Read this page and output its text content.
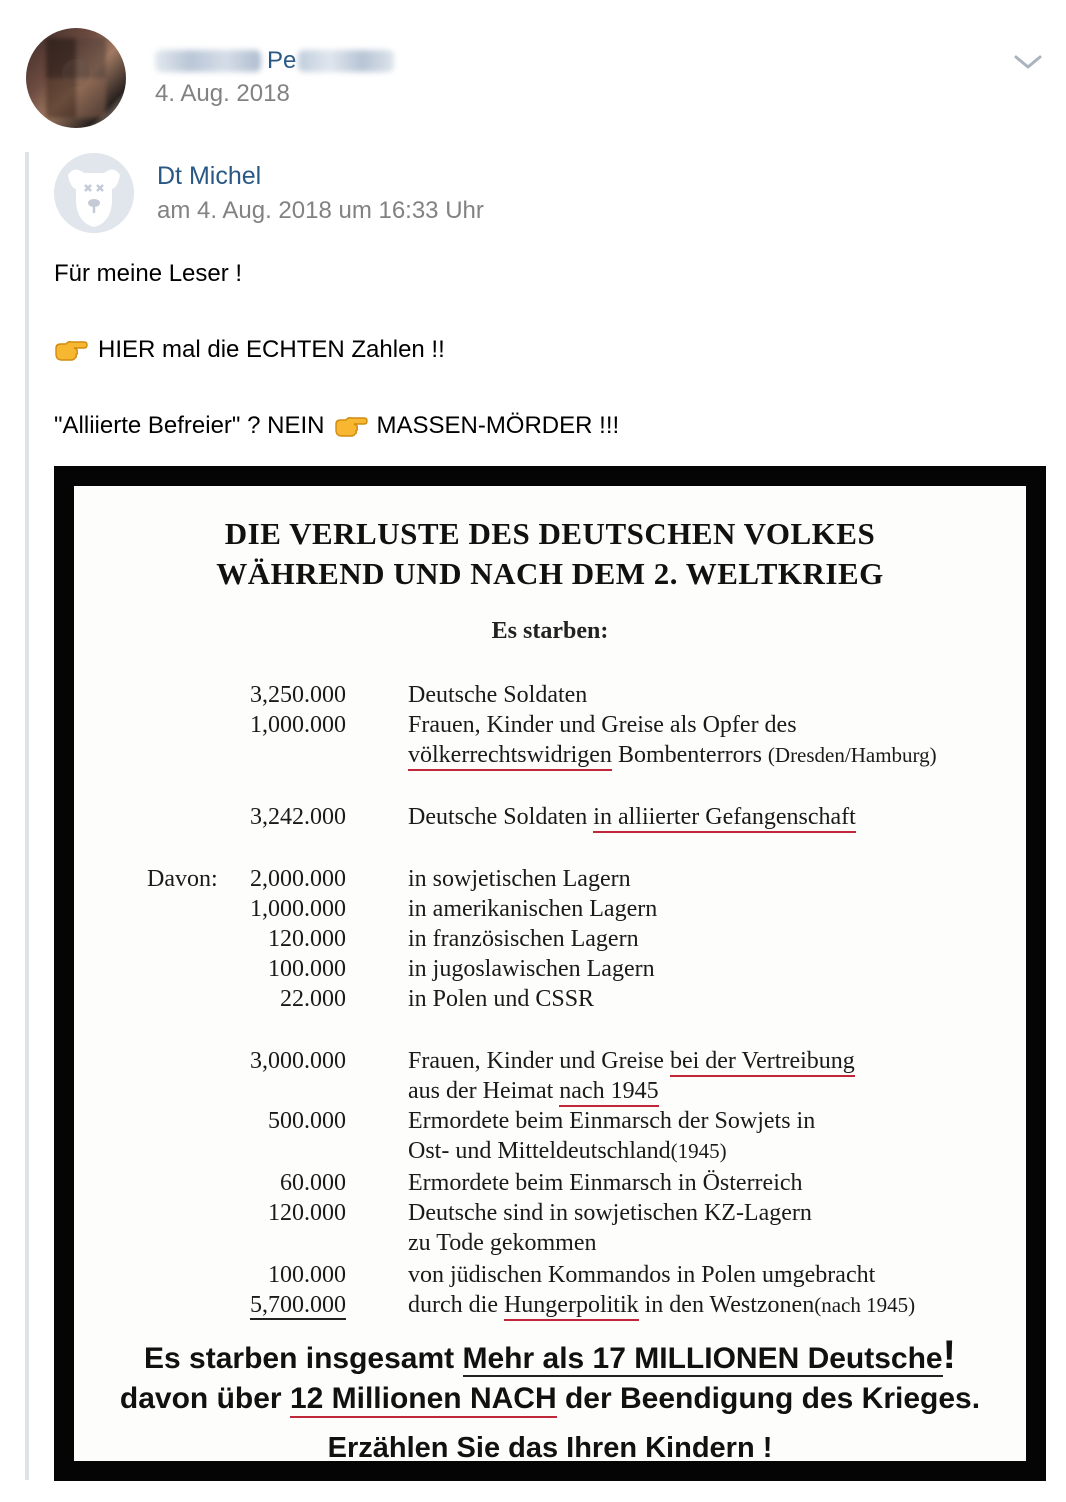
Pe
4. Aug. 2018
Dt Michel
am 4. Aug. 2018 um 16:33 Uhr
Für meine Leser !
HIER mal die ECHTEN Zahlen !!
"Alliierte Befreier" ? NEIN MASSEN-MÖRDER !!!
DIE VERLUSTE DES DEUTSCHEN VOLKES
WÄHREND UND NACH DEM 2. WELTKRIEG
Es starben:
3,250.000	Deutsche Soldaten
1,000.000	Frauen, Kinder und Greise als Opfer des
völkerrechtswidrigen Bombenterrors (Dresden/Hamburg)
3,242.000	Deutsche Soldaten in alliierter Gefangenschaft
Davon: 2,000.000	in sowjetischen Lagern
1,000.000	in amerikanischen Lagern
120.000	in französischen Lagern
100.000	in jugoslawischen Lagern
22.000	in Polen und CSSR
3,000.000	Frauen, Kinder und Greise bei der Vertreibung
aus der Heimat nach 1945
500.000	Ermordete beim Einmarsch der Sowjets in
Ost- und Mitteldeutschland(1945)
60.000	Ermordete beim Einmarsch in Österreich
120.000	Deutsche sind in sowjetischen KZ-Lagern
zu Tode gekommen
100.000	von jüdischen Kommandos in Polen umgebracht
5,700.000	durch die Hungerpolitik in den Westzonen(nach 1945)
Es starben insgesamt Mehr als 17 MILLIONEN Deutsche!
davon über 12 Millionen NACH der Beendigung des Krieges.
Erzählen Sie das Ihren Kindern !
